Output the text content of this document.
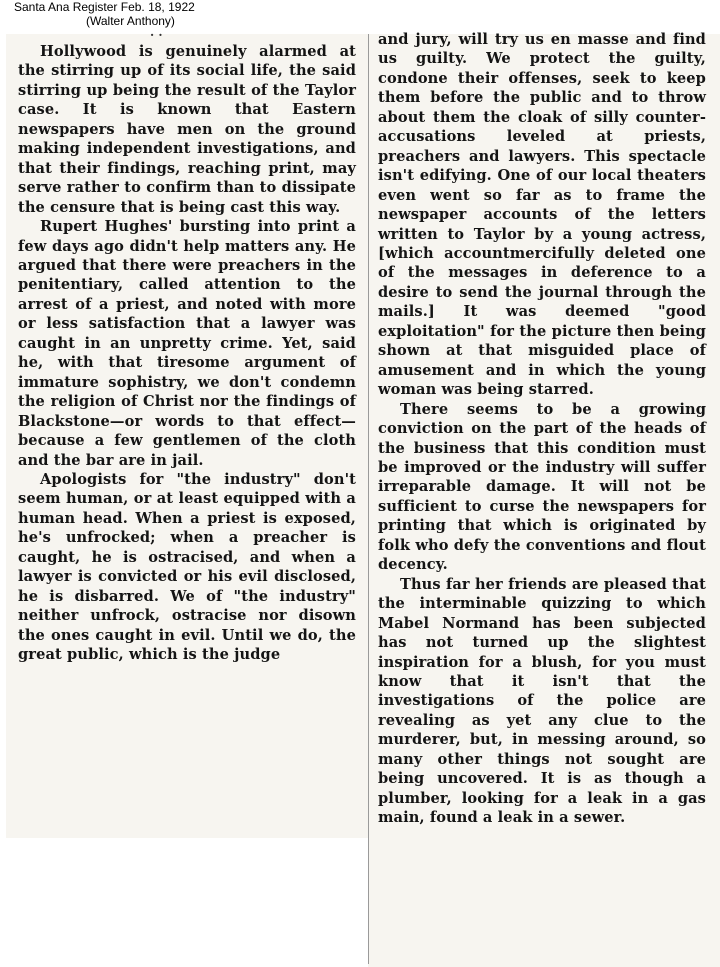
Santa Ana Register Feb. 18, 1922
(Walter Anthony)
· ·

Hollywood is genuinely alarmed at the stirring up of its social life, the said stirring up being the result of the Taylor case. It is known that Eastern newspapers have men on the ground making independent investigations, and that their findings, reaching print, may serve rather to confirm than to dissipate the censure that is being cast this way.

Rupert Hughes' bursting into print a few days ago didn't help matters any. He argued that there were preachers in the penitentiary, called attention to the arrest of a priest, and noted with more or less satisfaction that a lawyer was caught in an unpretty crime. Yet, said he, with that tiresome argument of immature sophistry, we don't condemn the religion of Christ nor the findings of Blackstone—or words to that effect—because a few gentlemen of the cloth and the bar are in jail.

Apologists for "the industry" don't seem human, or at least equipped with a human head. When a priest is exposed, he's unfrocked; when a preacher is caught, he is ostracised, and when a lawyer is convicted or his evil disclosed, he is disbarred. We of "the industry" neither unfrock, ostracise nor disown the ones caught in evil. Until we do, the great public, which is the judge

and jury, will try us en masse and find us guilty. We protect the guilty, condone their offenses, seek to keep them before the public and to throw about them the cloak of silly counter-accusations leveled at priests, preachers and lawyers. This spectacle isn't edifying. One of our local theaters even went so far as to frame the newspaper accounts of the letters written to Taylor by a young actress, [which accountmercifully deleted one of the messages in deference to a desire to send the journal through the mails.] It was deemed "good exploitation" for the picture then being shown at that misguided place of amusement and in which the young woman was being starred.

There seems to be a growing conviction on the part of the heads of the business that this condition must be improved or the industry will suffer irreparable damage. It will not be sufficient to curse the newspapers for printing that which is originated by folk who defy the conventions and flout decency.

Thus far her friends are pleased that the interminable quizzing to which Mabel Normand has been subjected has not turned up the slightest inspiration for a blush, for you must know that it isn't that the investigations of the police are revealing as yet any clue to the murderer, but, in messing around, so many other things not sought are being uncovered. It is as though a plumber, looking for a leak in a gas main, found a leak in a sewer.
